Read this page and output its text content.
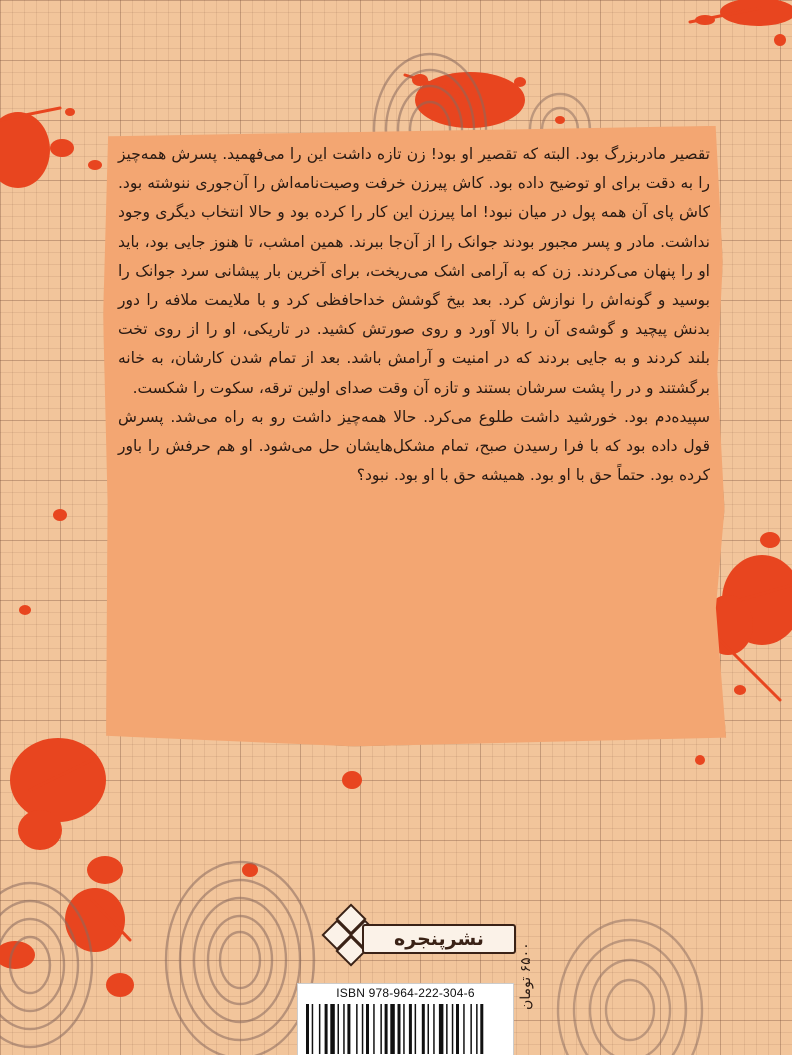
تقصیر مادربزرگ بود. البته که تقصیر او بود! زن تازه داشت این را می‌فهمید. پسرش همه‌چیز را به دقت برای او توضیح داده بود. کاش پیرزن خرفت وصیت‌نامه‌اش را آن‌جوری ننوشته بود. کاش پای آن همه پول در میان نبود! اما پیرزن این کار را کرده بود و حالا انتخاب دیگری وجود نداشت. مادر و پسر مجبور بودند جوانک را از آن‌جا ببرند. همین امشب، تا هنوز جایی بود، باید او را پنهان می‌کردند. زن که به آرامی اشک می‌ریخت، برای آخرین بار پیشانی سرد جوانک را بوسید و گونه‌اش را نوازش کرد. بعد بیخ گوشش خداحافظی کرد و با ملایمت ملافه را دور بدنش پیچید و گوشه‌ی آن را بالا آورد و روی صورتش کشید. در تاریکی، او را از روی تخت بلند کردند و به جایی بردند که در امنیت و آرامش باشد. بعد از تمام شدن کارشان، به خانه برگشتند و در را پشت سرشان بستند و تازه آن وقت صدای اولین ترقه، سکوت را شکست.

سپیده‌دم بود. خورشید داشت طلوع می‌کرد. حالا همه‌چیز داشت رو به راه می‌شد. پسرش قول داده بود که با فرا رسیدن صبح، تمام مشکل‌هایشان حل می‌شود. او هم حرفش را باور کرده بود. حتماً حق با او بود. همیشه حق با او بود. نبود؟

نشرپنجره
ISBN 978-964-222-304-6	۶۵۰۰ تومان
